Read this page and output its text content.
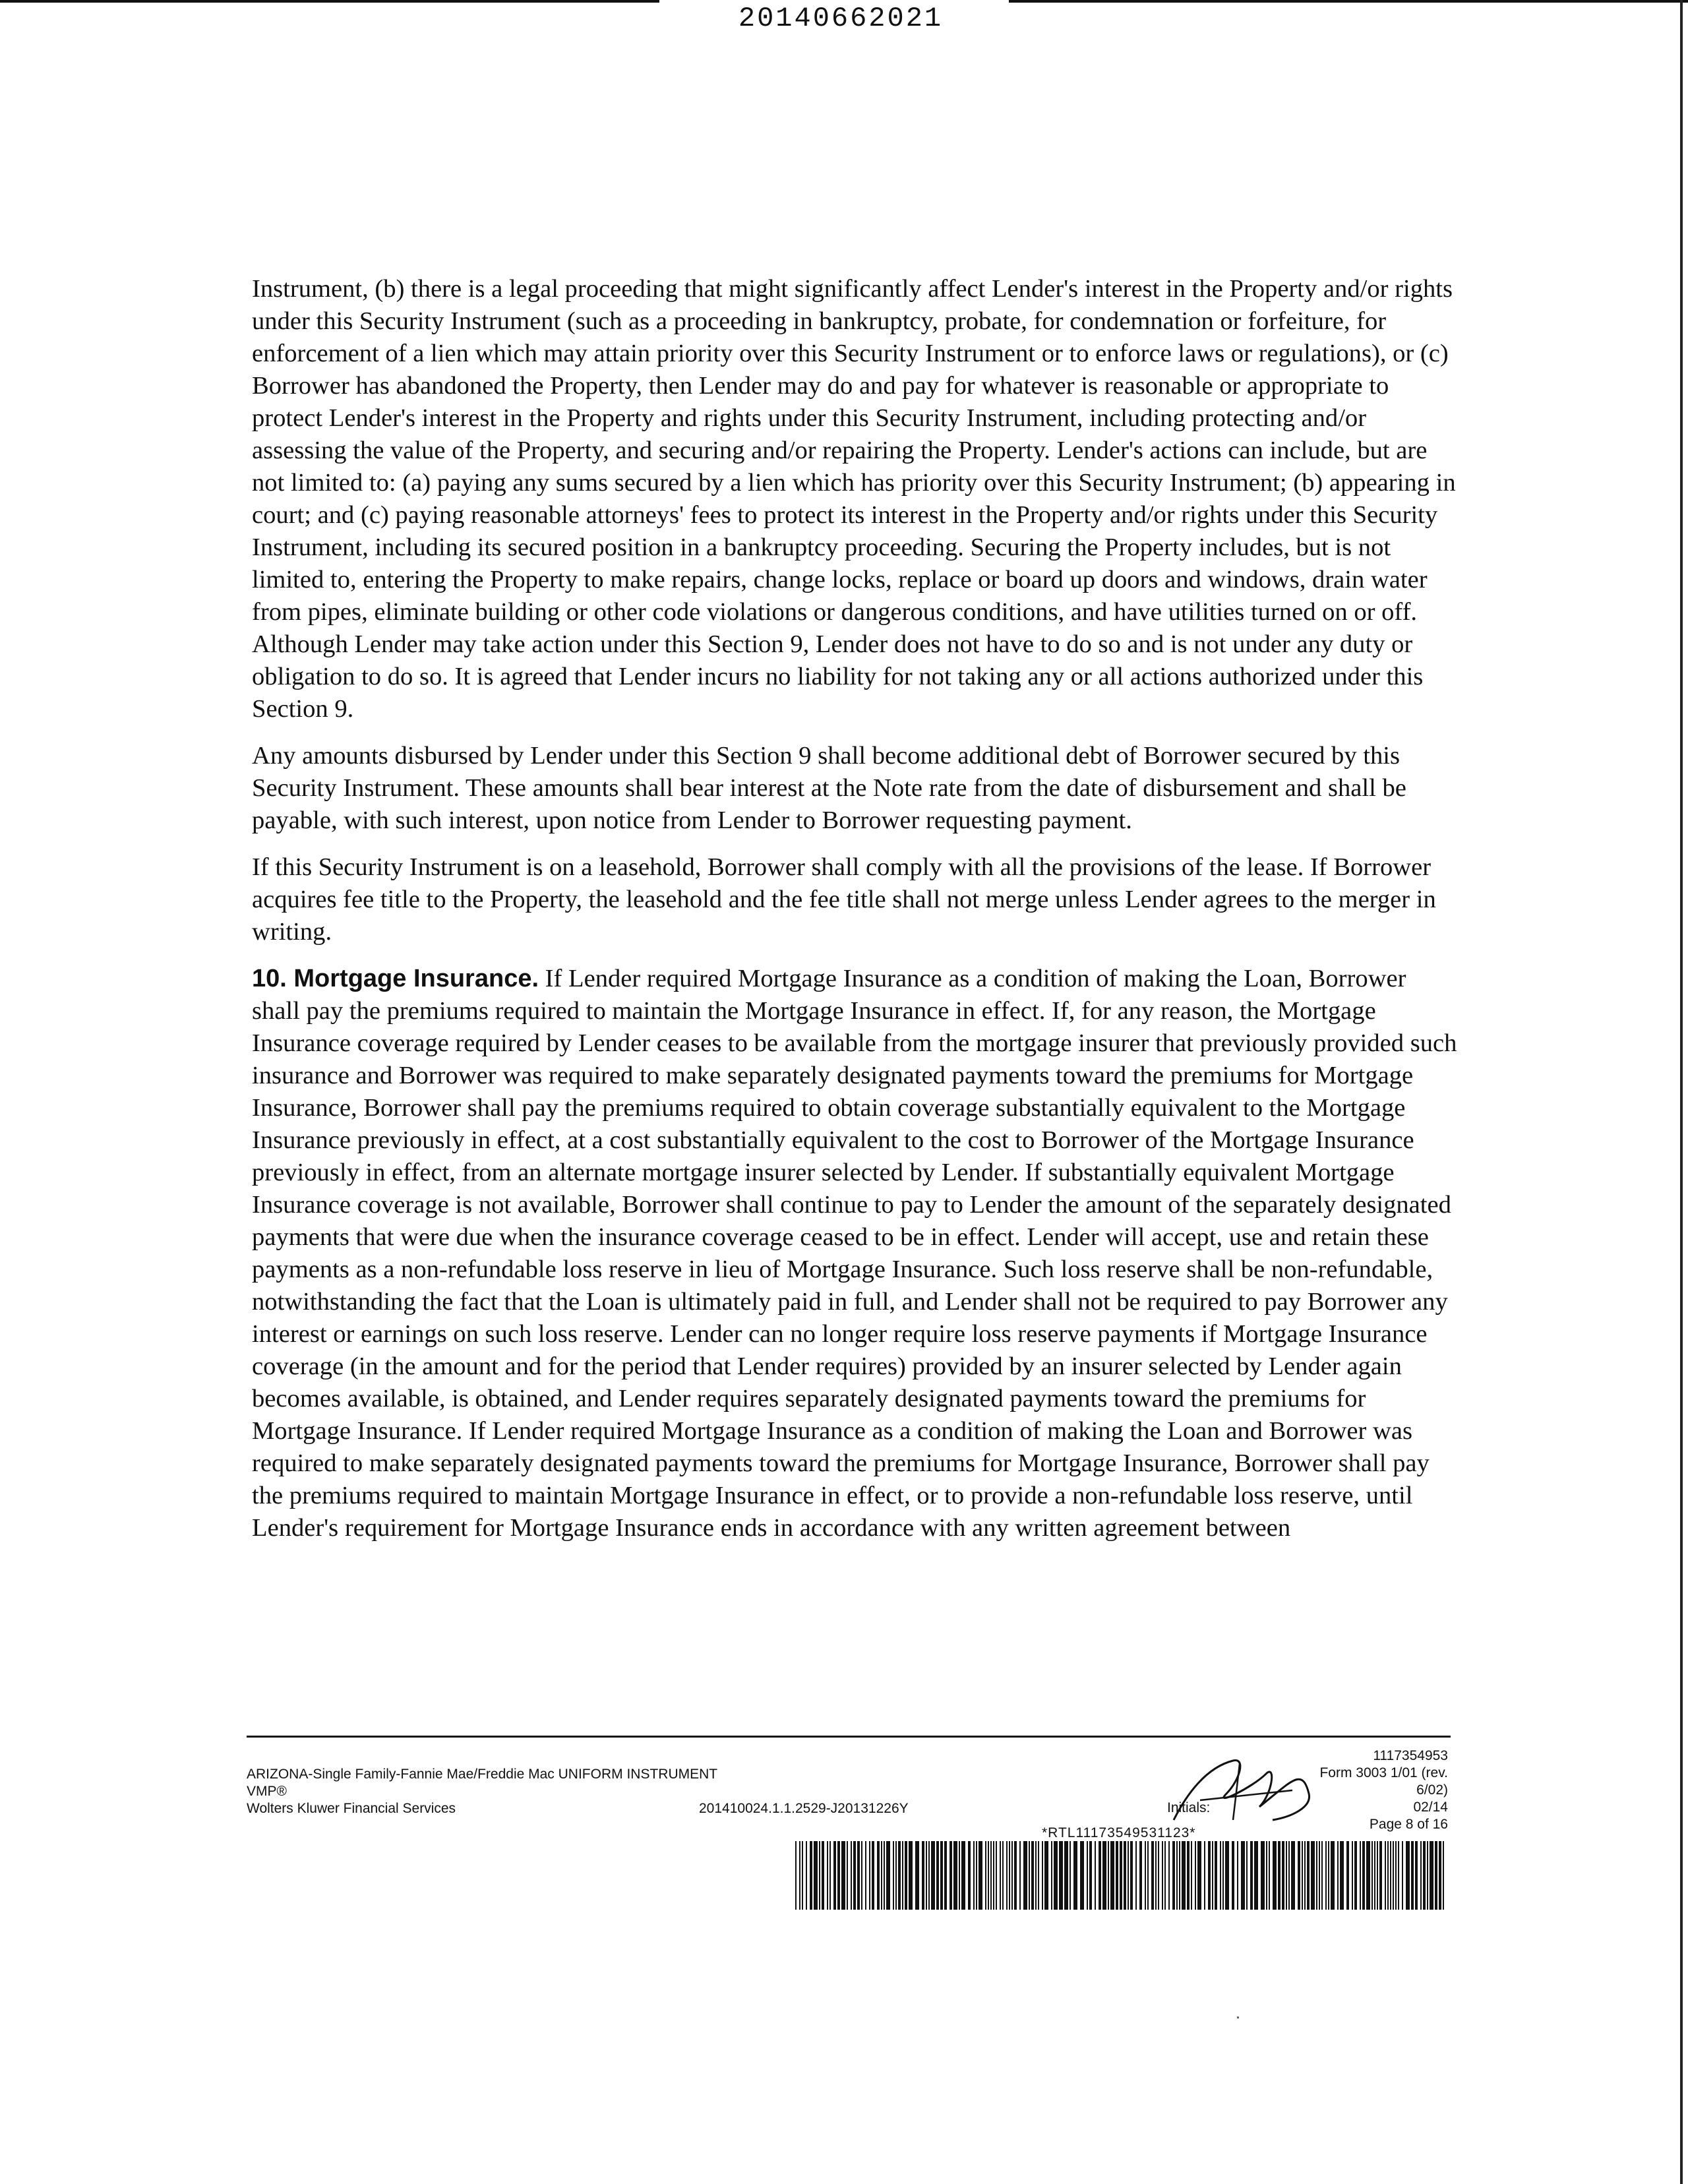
20140662021

Instrument, (b) there is a legal proceeding that might significantly affect Lender's interest in the Property and/or rights under this Security Instrument (such as a proceeding in bankruptcy, probate, for condemnation or forfeiture, for enforcement of a lien which may attain priority over this Security Instrument or to enforce laws or regulations), or (c) Borrower has abandoned the Property, then Lender may do and pay for whatever is reasonable or appropriate to protect Lender's interest in the Property and rights under this Security Instrument, including protecting and/or assessing the value of the Property, and securing and/or repairing the Property. Lender's actions can include, but are not limited to: (a) paying any sums secured by a lien which has priority over this Security Instrument; (b) appearing in court; and (c) paying reasonable attorneys' fees to protect its interest in the Property and/or rights under this Security Instrument, including its secured position in a bankruptcy proceeding. Securing the Property includes, but is not limited to, entering the Property to make repairs, change locks, replace or board up doors and windows, drain water from pipes, eliminate building or other code violations or dangerous conditions, and have utilities turned on or off. Although Lender may take action under this Section 9, Lender does not have to do so and is not under any duty or obligation to do so. It is agreed that Lender incurs no liability for not taking any or all actions authorized under this Section 9.

Any amounts disbursed by Lender under this Section 9 shall become additional debt of Borrower secured by this Security Instrument. These amounts shall bear interest at the Note rate from the date of disbursement and shall be payable, with such interest, upon notice from Lender to Borrower requesting payment.

If this Security Instrument is on a leasehold, Borrower shall comply with all the provisions of the lease. If Borrower acquires fee title to the Property, the leasehold and the fee title shall not merge unless Lender agrees to the merger in writing.

10. Mortgage Insurance. If Lender required Mortgage Insurance as a condition of making the Loan, Borrower shall pay the premiums required to maintain the Mortgage Insurance in effect. If, for any reason, the Mortgage Insurance coverage required by Lender ceases to be available from the mortgage insurer that previously provided such insurance and Borrower was required to make separately designated payments toward the premiums for Mortgage Insurance, Borrower shall pay the premiums required to obtain coverage substantially equivalent to the Mortgage Insurance previously in effect, at a cost substantially equivalent to the cost to Borrower of the Mortgage Insurance previously in effect, from an alternate mortgage insurer selected by Lender. If substantially equivalent Mortgage Insurance coverage is not available, Borrower shall continue to pay to Lender the amount of the separately designated payments that were due when the insurance coverage ceased to be in effect. Lender will accept, use and retain these payments as a non-refundable loss reserve in lieu of Mortgage Insurance. Such loss reserve shall be non-refundable, notwithstanding the fact that the Loan is ultimately paid in full, and Lender shall not be required to pay Borrower any interest or earnings on such loss reserve. Lender can no longer require loss reserve payments if Mortgage Insurance coverage (in the amount and for the period that Lender requires) provided by an insurer selected by Lender again becomes available, is obtained, and Lender requires separately designated payments toward the premiums for Mortgage Insurance. If Lender required Mortgage Insurance as a condition of making the Loan and Borrower was required to make separately designated payments toward the premiums for Mortgage Insurance, Borrower shall pay the premiums required to maintain Mortgage Insurance in effect, or to provide a non-refundable loss reserve, until Lender's requirement for Mortgage Insurance ends in accordance with any written agreement between

ARIZONA-Single Family-Fannie Mae/Freddie Mac UNIFORM INSTRUMENT
VMP®
Wolters Kluwer Financial Services	201410024.1.1.2529-J20131226Y
1117354953
Form 3003 1/01 (rev. 6/02)
02/14
Page 8 of 16
Initials:
*RTL11173549531123*
